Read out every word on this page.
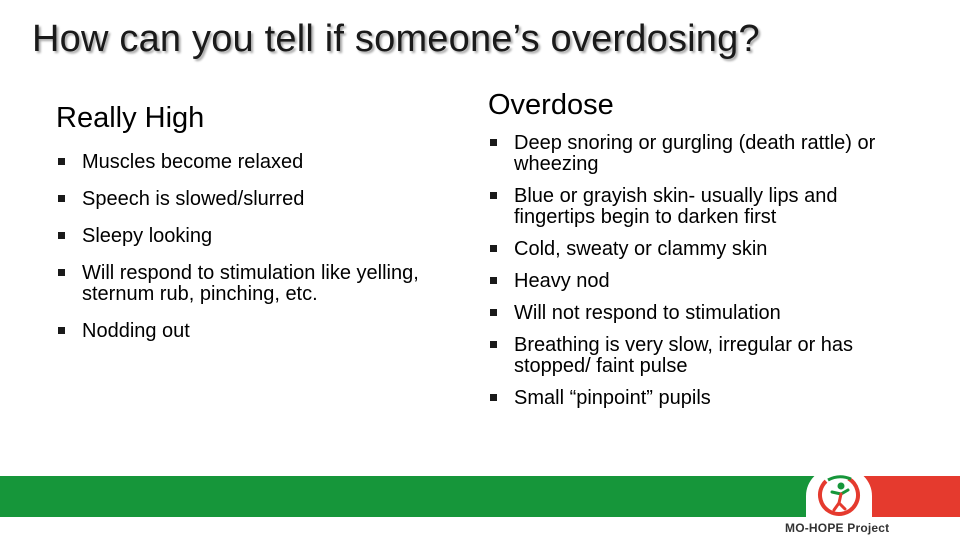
How can you tell if someone’s overdosing?
Really High
Muscles become relaxed
Speech is slowed/slurred
Sleepy looking
Will respond to stimulation like yelling, sternum rub, pinching, etc.
Nodding out
Overdose
Deep snoring or gurgling (death rattle) or wheezing
Blue or grayish skin- usually lips and fingertips begin to darken first
Cold, sweaty or clammy skin
Heavy nod
Will not respond to stimulation
Breathing is very slow, irregular or has stopped/ faint pulse
Small “pinpoint” pupils
MO-HOPE Project
